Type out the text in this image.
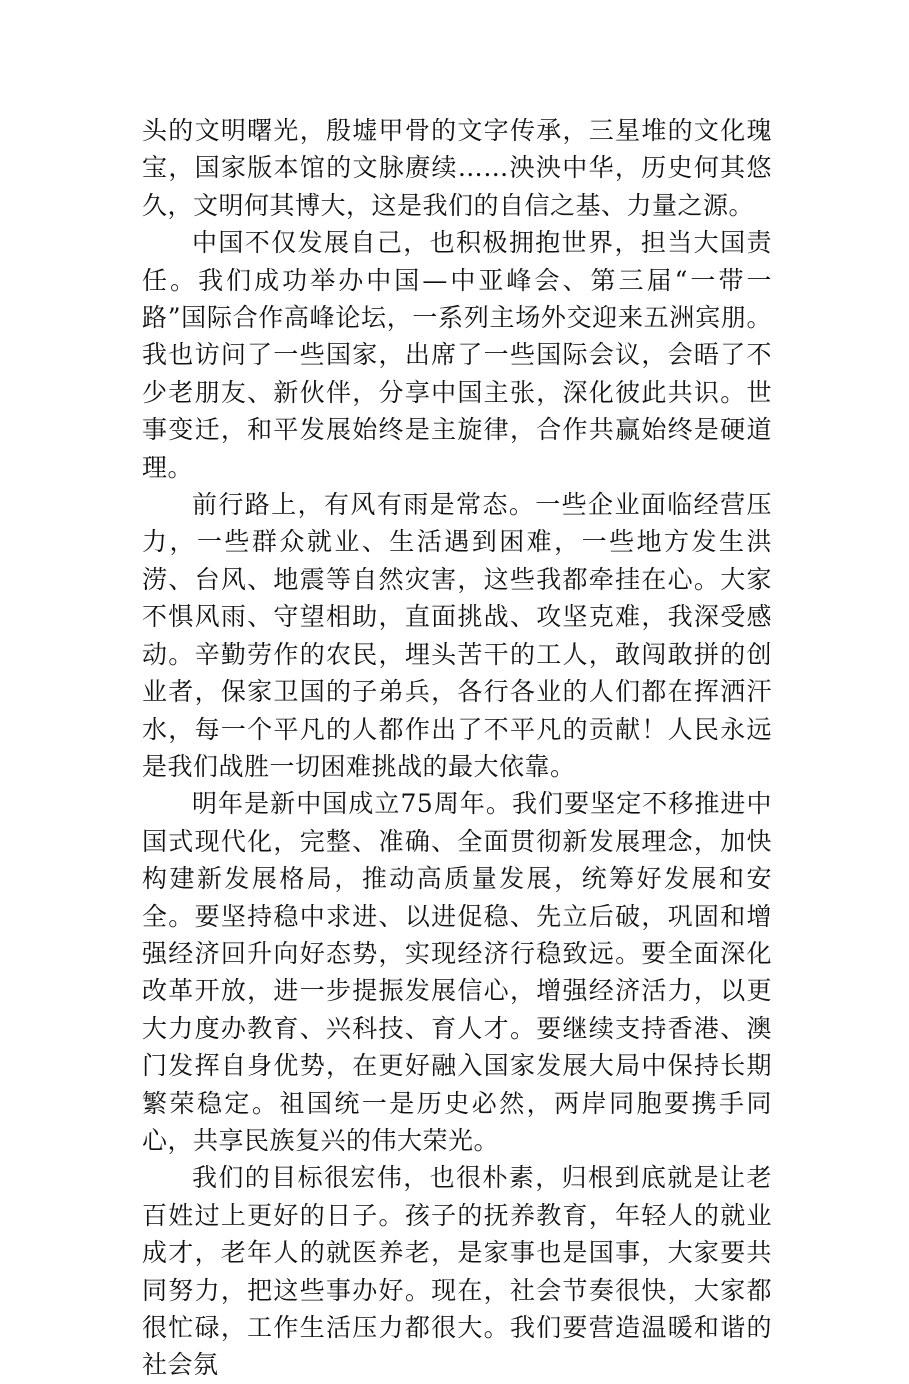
头的文明曙光，殷墟甲骨的文字传承，三星堆的文化瑰宝，国家版本馆的文脉赓续……泱泱中华，历史何其悠久，文明何其博大，这是我们的自信之基、力量之源。

中国不仅发展自己，也积极拥抱世界，担当大国责任。我们成功举办中国—中亚峰会、第三届“一带一路”国际合作高峰论坛，一系列主场外交迎来五洲宾朋。我也访问了一些国家，出席了一些国际会议，会晤了不少老朋友、新伙伴，分享中国主张，深化彼此共识。世事变迁，和平发展始终是主旋律，合作共赢始终是硬道理。

前行路上，有风有雨是常态。一些企业面临经营压力，一些群众就业、生活遇到困难，一些地方发生洪涝、台风、地震等自然灾害，这些我都牵挂在心。大家不惧风雨、守望相助，直面挑战、攻坚克难，我深受感动。辛勤劳作的农民，埋头苦干的工人，敢闯敢拼的创业者，保家卫国的子弟兵，各行各业的人们都在挥洒汗水，每一个平凡的人都作出了不平凡的贡献！人民永远是我们战胜一切困难挑战的最大依靠。

明年是新中国成立75周年。我们要坚定不移推进中国式现代化，完整、准确、全面贯彻新发展理念，加快构建新发展格局，推动高质量发展，统筹好发展和安全。要坚持稳中求进、以进促稳、先立后破，巩固和增强经济回升向好态势，实现经济行稳致远。要全面深化改革开放，进一步提振发展信心，增强经济活力，以更大力度办教育、兴科技、育人才。要继续支持香港、澳门发挥自身优势，在更好融入国家发展大局中保持长期繁荣稳定。祖国统一是历史必然，两岸同胞要携手同心，共享民族复兴的伟大荣光。

我们的目标很宏伟，也很朴素，归根到底就是让老百姓过上更好的日子。孩子的抚养教育，年轻人的就业成才，老年人的就医养老，是家事也是国事，大家要共同努力，把这些事办好。现在，社会节奏很快，大家都很忙碌，工作生活压力都很大。我们要营造温暖和谐的社会氛
